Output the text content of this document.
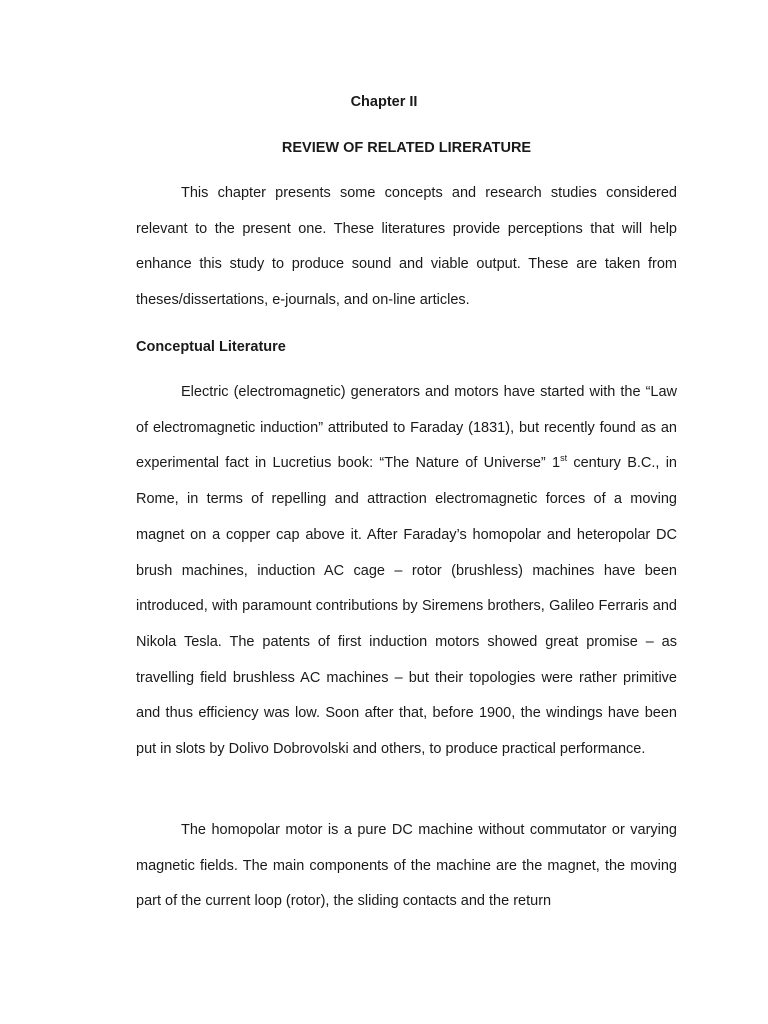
Chapter II
REVIEW OF RELATED LIRERATURE

This chapter presents some concepts and research studies considered relevant to the present one. These literatures provide perceptions that will help enhance this study to produce sound and viable output. These are taken from theses/dissertations, e-journals, and on-line articles.

Conceptual Literature

Electric (electromagnetic) generators and motors have started with the “Law of electromagnetic induction” attributed to Faraday (1831), but recently found as an experimental fact in Lucretius book: “The Nature of Universe” 1st century B.C., in Rome, in terms of repelling and attraction electromagnetic forces of a moving magnet on a copper cap above it. After Faraday’s homopolar and heteropolar DC brush machines, induction AC cage – rotor (brushless) machines have been introduced, with paramount contributions by Siremens brothers, Galileo Ferraris and Nikola Tesla. The patents of first induction motors showed great promise – as travelling field brushless AC machines – but their topologies were rather primitive and thus efficiency was low. Soon after that, before 1900, the windings have been put in slots by Dolivo Dobrovolski and others, to produce practical performance.

The homopolar motor is a pure DC machine without commutator or varying magnetic fields. The main components of the machine are the magnet, the moving part of the current loop (rotor), the sliding contacts and the return
